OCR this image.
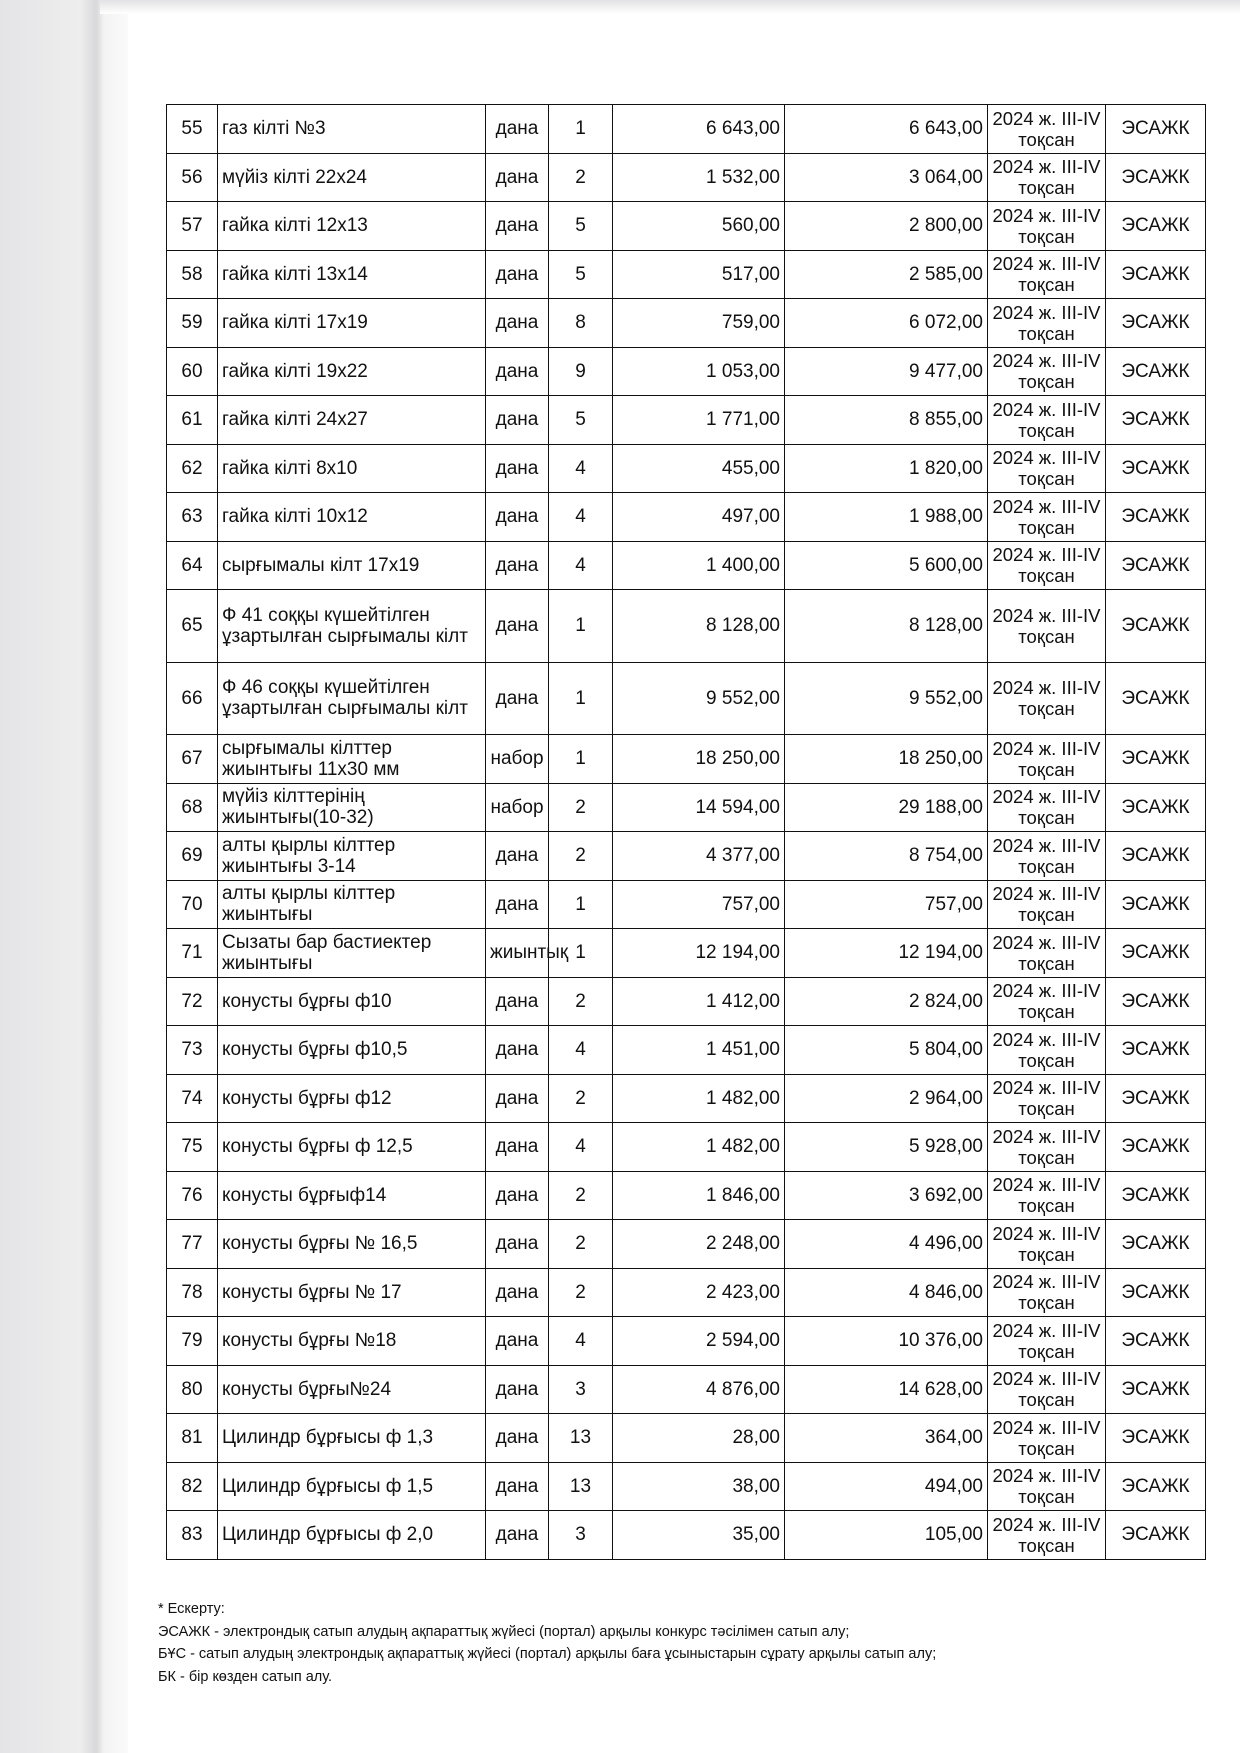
55	газ кілті №3	дана	1	6 643,00	6 643,00	2024 ж. III-IV тоқсан	ЭСАЖК
56	мүйіз кілті 22х24	дана	2	1 532,00	3 064,00	2024 ж. III-IV тоқсан	ЭСАЖК
57	гайка кілті 12х13	дана	5	560,00	2 800,00	2024 ж. III-IV тоқсан	ЭСАЖК
58	гайка кілті 13х14	дана	5	517,00	2 585,00	2024 ж. III-IV тоқсан	ЭСАЖК
59	гайка кілті 17х19	дана	8	759,00	6 072,00	2024 ж. III-IV тоқсан	ЭСАЖК
60	гайка кілті 19х22	дана	9	1 053,00	9 477,00	2024 ж. III-IV тоқсан	ЭСАЖК
61	гайка кілті 24х27	дана	5	1 771,00	8 855,00	2024 ж. III-IV тоқсан	ЭСАЖК
62	гайка кілті 8х10	дана	4	455,00	1 820,00	2024 ж. III-IV тоқсан	ЭСАЖК
63	гайка кілті 10х12	дана	4	497,00	1 988,00	2024 ж. III-IV тоқсан	ЭСАЖК
64	сырғымалы кілт 17х19	дана	4	1 400,00	5 600,00	2024 ж. III-IV тоқсан	ЭСАЖК
65	Ф 41 соққы күшейтілген ұзартылған сырғымалы кілт	дана	1	8 128,00	8 128,00	2024 ж. III-IV тоқсан	ЭСАЖК
66	Ф 46 соққы күшейтілген ұзартылған сырғымалы кілт	дана	1	9 552,00	9 552,00	2024 ж. III-IV тоқсан	ЭСАЖК
67	сырғымалы кілттер жиынтығы 11х30 мм	набор	1	18 250,00	18 250,00	2024 ж. III-IV тоқсан	ЭСАЖК
68	мүйіз кілттерінің жиынтығы(10-32)	набор	2	14 594,00	29 188,00	2024 ж. III-IV тоқсан	ЭСАЖК
69	алты қырлы кілттер жиынтығы 3-14	дана	2	4 377,00	8 754,00	2024 ж. III-IV тоқсан	ЭСАЖК
70	алты қырлы кілттер жиынтығы	дана	1	757,00	757,00	2024 ж. III-IV тоқсан	ЭСАЖК
71	Сызаты бар бастиектер жиынтығы	жиынтық	1	12 194,00	12 194,00	2024 ж. III-IV тоқсан	ЭСАЖК
72	конусты бұрғы ф10	дана	2	1 412,00	2 824,00	2024 ж. III-IV тоқсан	ЭСАЖК
73	конусты бұрғы ф10,5	дана	4	1 451,00	5 804,00	2024 ж. III-IV тоқсан	ЭСАЖК
74	конусты бұрғы ф12	дана	2	1 482,00	2 964,00	2024 ж. III-IV тоқсан	ЭСАЖК
75	конусты бұрғы ф 12,5	дана	4	1 482,00	5 928,00	2024 ж. III-IV тоқсан	ЭСАЖК
76	конусты бұрғыф14	дана	2	1 846,00	3 692,00	2024 ж. III-IV тоқсан	ЭСАЖК
77	конусты бұрғы № 16,5	дана	2	2 248,00	4 496,00	2024 ж. III-IV тоқсан	ЭСАЖК
78	конусты бұрғы № 17	дана	2	2 423,00	4 846,00	2024 ж. III-IV тоқсан	ЭСАЖК
79	конусты бұрғы №18	дана	4	2 594,00	10 376,00	2024 ж. III-IV тоқсан	ЭСАЖК
80	конусты бұрғы№24	дана	3	4 876,00	14 628,00	2024 ж. III-IV тоқсан	ЭСАЖК
81	Цилиндр бұрғысы ф 1,3	дана	13	28,00	364,00	2024 ж. III-IV тоқсан	ЭСАЖК
82	Цилиндр бұрғысы ф 1,5	дана	13	38,00	494,00	2024 ж. III-IV тоқсан	ЭСАЖК
83	Цилиндр бұрғысы ф 2,0	дана	3	35,00	105,00	2024 ж. III-IV тоқсан	ЭСАЖК
* Ескерту:
ЭСАЖК - электрондық сатып алудың ақпараттық жүйесі (портал) арқылы конкурс тәсілімен сатып алу;
БҰС - сатып алудың электрондық ақпараттық жүйесі (портал) арқылы баға ұсыныстарын сұрату арқылы сатып алу;
БК - бір көзден сатып алу.
